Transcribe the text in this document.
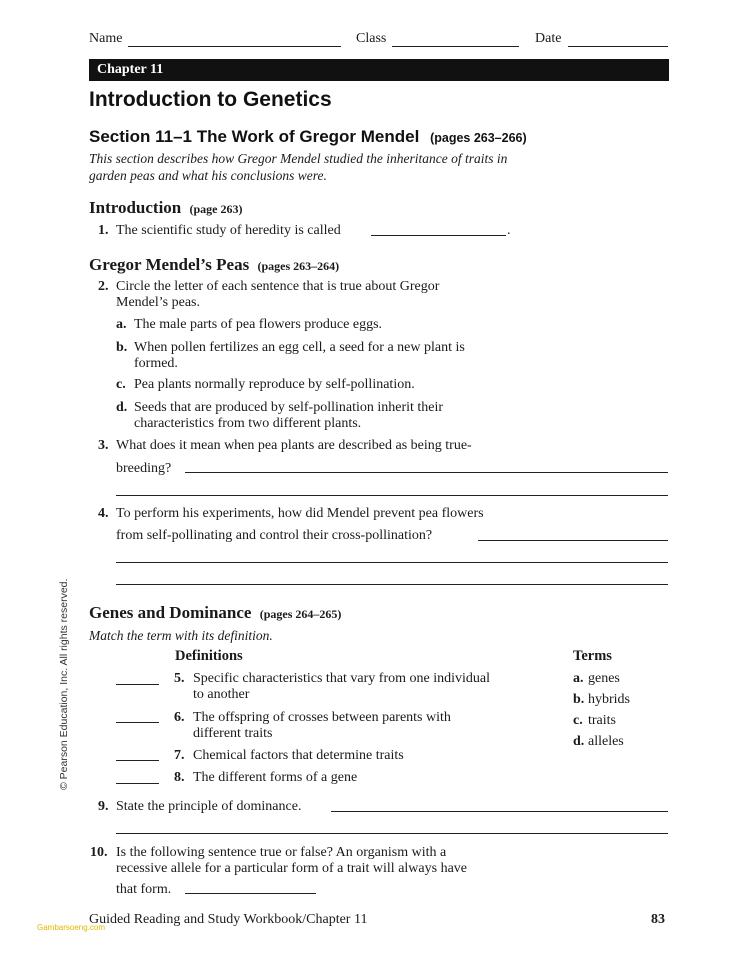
Name	Class	Date
Chapter 11
Introduction to Genetics
Section 11–1 The Work of Gregor Mendel (pages 263–266)
This section describes how Gregor Mendel studied the inheritance of traits in
garden peas and what his conclusions were.
Introduction (page 263)
1. The scientific study of heredity is called	.
Gregor Mendel’s Peas (pages 263–264)
2. Circle the letter of each sentence that is true about Gregor
Mendel’s peas.
a. The male parts of pea flowers produce eggs.
b. When pollen fertilizes an egg cell, a seed for a new plant is
formed.
c. Pea plants normally reproduce by self-pollination.
d. Seeds that are produced by self-pollination inherit their
characteristics from two different plants.
3. What does it mean when pea plants are described as being true-
breeding?
4. To perform his experiments, how did Mendel prevent pea flowers
from self-pollinating and control their cross-pollination?
Genes and Dominance (pages 264–265)
Match the term with its definition.
Definitions	Terms
5. Specific characteristics that vary from one individual
to another
6. The offspring of crosses between parents with
different traits
7. Chemical factors that determine traits
8. The different forms of a gene
a. genes
b. hybrids
c. traits
d. alleles
9. State the principle of dominance.
10. Is the following sentence true or false? An organism with a
recessive allele for a particular form of a trait will always have
that form.
© Pearson Education, Inc. All rights reserved.
Guided Reading and Study Workbook/Chapter 11	83
Gambarsoeng.com
